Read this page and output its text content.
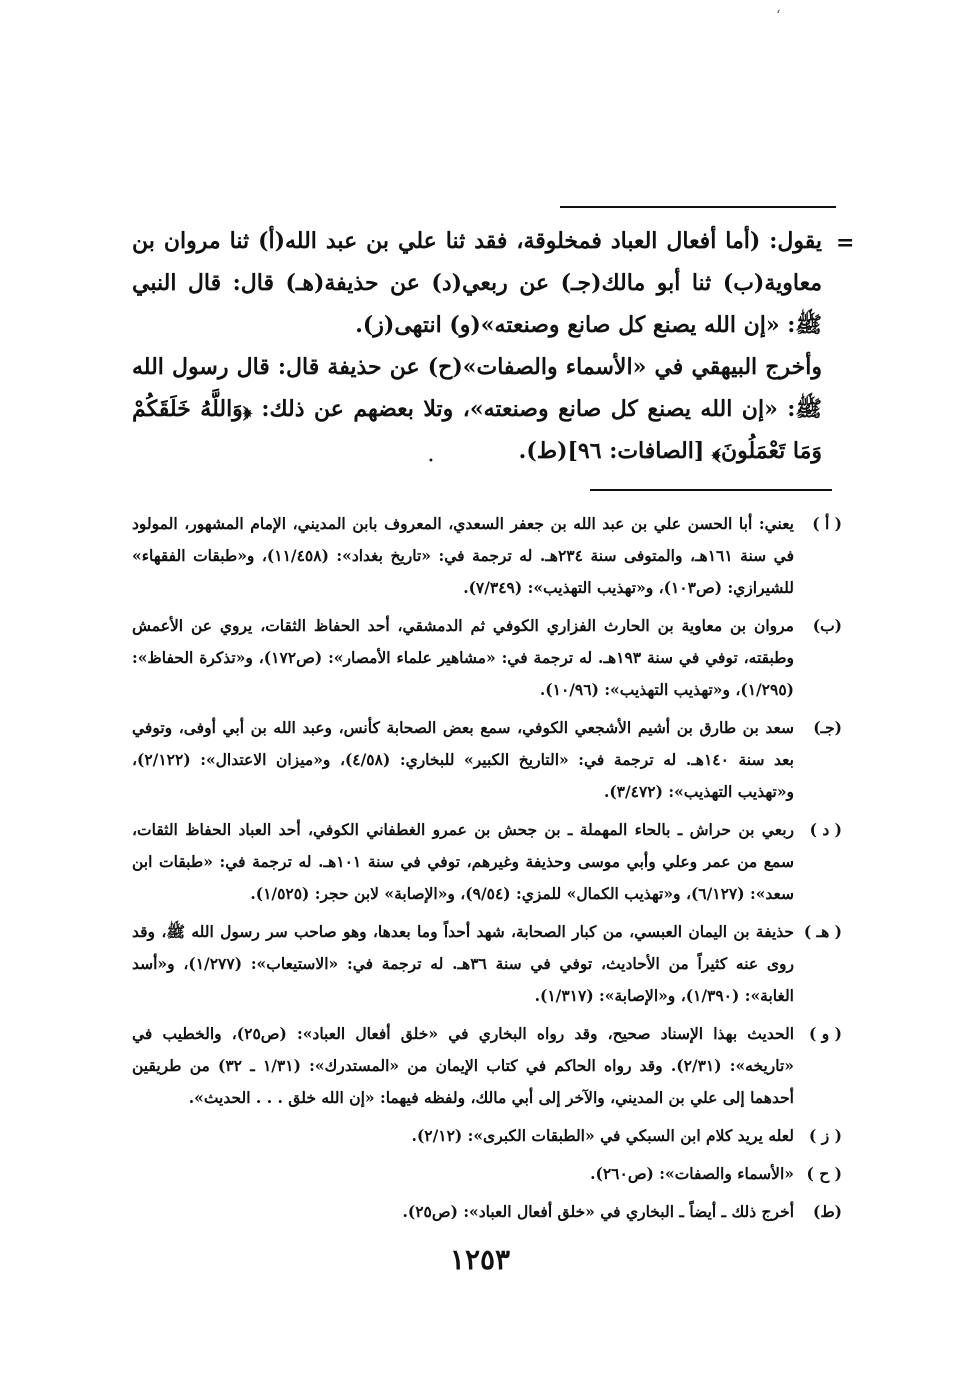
ʻ
=

يقول: (أما أفعال العباد فمخلوقة، فقد ثنا علي بن عبد الله(أ) ثنا مروان بن معاوية(ب) ثنا أبو مالك(جـ) عن ربعي(د) عن حذيفة(هـ) قال: قال النبي ﷺ: «إن الله يصنع كل صانع وصنعته»(و) انتهى(ز).

وأخرج البيهقي في «الأسماء والصفات»(ح) عن حذيفة قال: قال رسول الله ﷺ: «إن الله يصنع كل صانع وصنعته»، وتلا بعضهم عن ذلك: ﴿وَاللَّهُ خَلَقَكُمْ وَمَا تَعْمَلُونَ﴾ [الصافات: ٩٦](ط).

•
( أ )
يعني: أبا الحسن علي بن عبد الله بن جعفر السعدي، المعروف بابن المديني، الإمام المشهور، المولود في سنة ١٦١هـ، والمتوفى سنة ٢٣٤هـ. له ترجمة في: «تاريخ بغداد»: (١١/٤٥٨)، و«طبقات الفقهاء» للشيرازي: (ص١٠٣)، و«تهذيب التهذيب»: (٧/٣٤٩).
(ب)
مروان بن معاوية بن الحارث الفزاري الكوفي ثم الدمشقي، أحد الحفاظ الثقات، يروي عن الأعمش وطبقته، توفي في سنة ١٩٣هـ. له ترجمة في: «مشاهير علماء الأمصار»: (ص١٧٢)، و«تذكرة الحفاظ»: (١/٢٩٥)، و«تهذيب التهذيب»: (١٠/٩٦).
(جـ)
سعد بن طارق بن أشيم الأشجعي الكوفي، سمع بعض الصحابة كأنس، وعبد الله بن أبي أوفى، وتوفي بعد سنة ١٤٠هـ. له ترجمة في: «التاريخ الكبير» للبخاري: (٤/٥٨)، و«ميزان الاعتدال»: (٢/١٢٢)، و«تهذيب التهذيب»: (٣/٤٧٢).
( د )
ربعي بن حراش ـ بالحاء المهملة ـ بن جحش بن عمرو الغطفاني الكوفي، أحد العباد الحفاظ الثقات، سمع من عمر وعلي وأبي موسى وحذيفة وغيرهم، توفي في سنة ١٠١هـ. له ترجمة في: «طبقات ابن سعد»: (٦/١٢٧)، و«تهذيب الكمال» للمزي: (٩/٥٤)، و«الإصابة» لابن حجر: (١/٥٢٥).
( هـ )
حذيفة بن اليمان العبسي، من كبار الصحابة، شهد أحداً وما بعدها، وهو صاحب سر رسول الله ﷺ، وقد روى عنه كثيراً من الأحاديث، توفي في سنة ٣٦هـ. له ترجمة في: «الاستيعاب»: (١/٢٧٧)، و«أسد الغابة»: (١/٣٩٠)، و«الإصابة»: (١/٣١٧).
( و )
الحديث بهذا الإسناد صحيح، وقد رواه البخاري في «خلق أفعال العباد»: (ص٢٥)، والخطيب في «تاريخه»: (٢/٣١). وقد رواه الحاكم في كتاب الإيمان من «المستدرك»: (١/٣١ ـ ٣٢) من طريقين أحدهما إلى علي بن المديني، والآخر إلى أبي مالك، ولفظه فيهما: «إن الله خلق . . . الحديث».
( ز )
لعله يريد كلام ابن السبكي في «الطبقات الكبرى»: (٢/١٢).
( ح )
«الأسماء والصفات»: (ص٢٦٠).
(ط)
أخرج ذلك ـ أيضاً ـ البخاري في «خلق أفعال العباد»: (ص٢٥).
١٢٥٣
